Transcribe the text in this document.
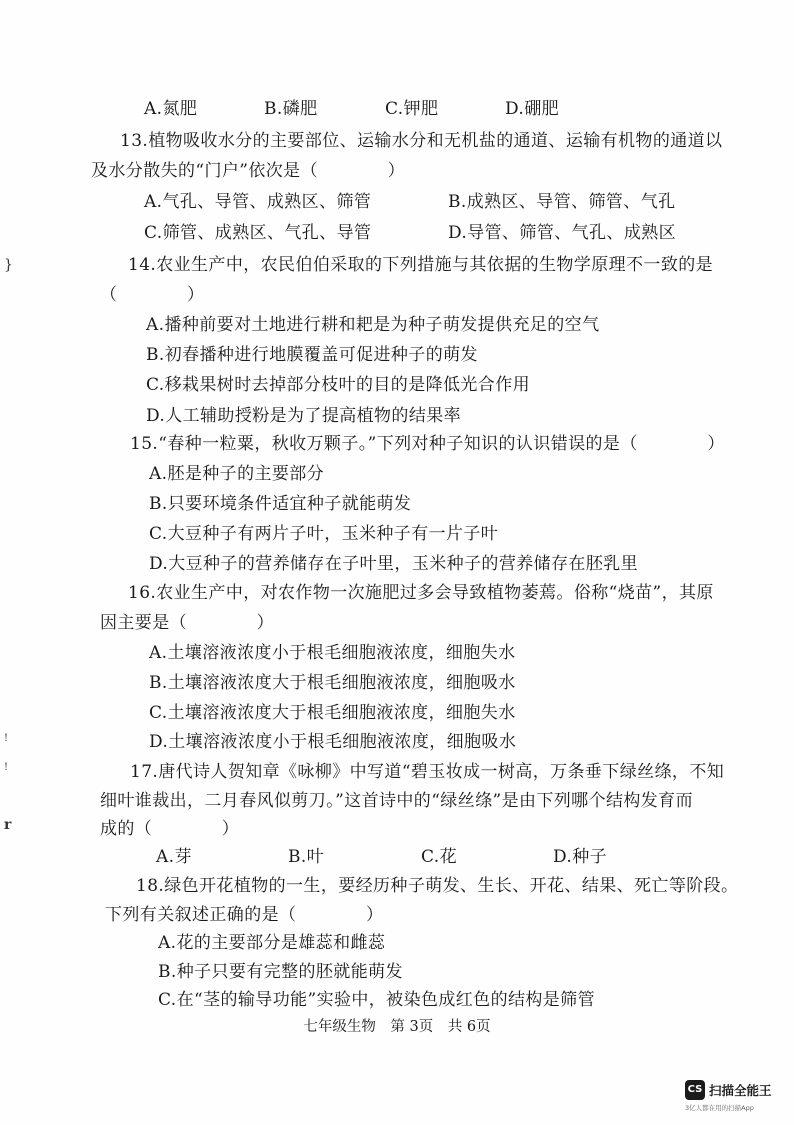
A.氮肥	B.磷肥	C.钾肥	D.硼肥
13.植物吸收水分的主要部位、运输水分和无机盐的通道、运输有机物的通道以
及水分散失的“门户”依次是（　　　　）
A.气孔、导管、成熟区、筛管	B.成熟区、导管、筛管、气孔
C.筛管、成熟区、气孔、导管	D.导管、筛管、气孔、成熟区
14.农业生产中，农民伯伯采取的下列措施与其依据的生物学原理不一致的是
（　　　　）
A.播种前要对土地进行耕和耙是为种子萌发提供充足的空气
B.初春播种进行地膜覆盖可促进种子的萌发
C.移栽果树时去掉部分枝叶的目的是降低光合作用
D.人工辅助授粉是为了提高植物的结果率
15.“春种一粒粟，秋收万颗子。”下列对种子知识的认识错误的是（　　　　）
A.胚是种子的主要部分
B.只要环境条件适宜种子就能萌发
C.大豆种子有两片子叶，玉米种子有一片子叶
D.大豆种子的营养储存在子叶里，玉米种子的营养储存在胚乳里
16.农业生产中，对农作物一次施肥过多会导致植物萎蔫。俗称“烧苗”，其原
因主要是（　　　　）
A.土壤溶液浓度小于根毛细胞液浓度，细胞失水
B.土壤溶液浓度大于根毛细胞液浓度，细胞吸水
C.土壤溶液浓度大于根毛细胞液浓度，细胞失水
D.土壤溶液浓度小于根毛细胞液浓度，细胞吸水
17.唐代诗人贺知章《咏柳》中写道“碧玉妆成一树高，万条垂下绿丝绦，不知
细叶谁裁出，二月春风似剪刀。”这首诗中的“绿丝绦”是由下列哪个结构发育而
成的（　　　　）
A.芽	B.叶	C.花	D.种子
18.绿色开花植物的一生，要经历种子萌发、生长、开花、结果、死亡等阶段。
下列有关叙述正确的是（　　　　）
A.花的主要部分是雄蕊和雌蕊
B.种子只要有完整的胚就能萌发
C.在“茎的输导功能”实验中，被染色成红色的结构是筛管
七年级生物　 第 3页　 共 6页
}
!
!
r
CS 扫描全能王
3亿人都在用的扫描App
